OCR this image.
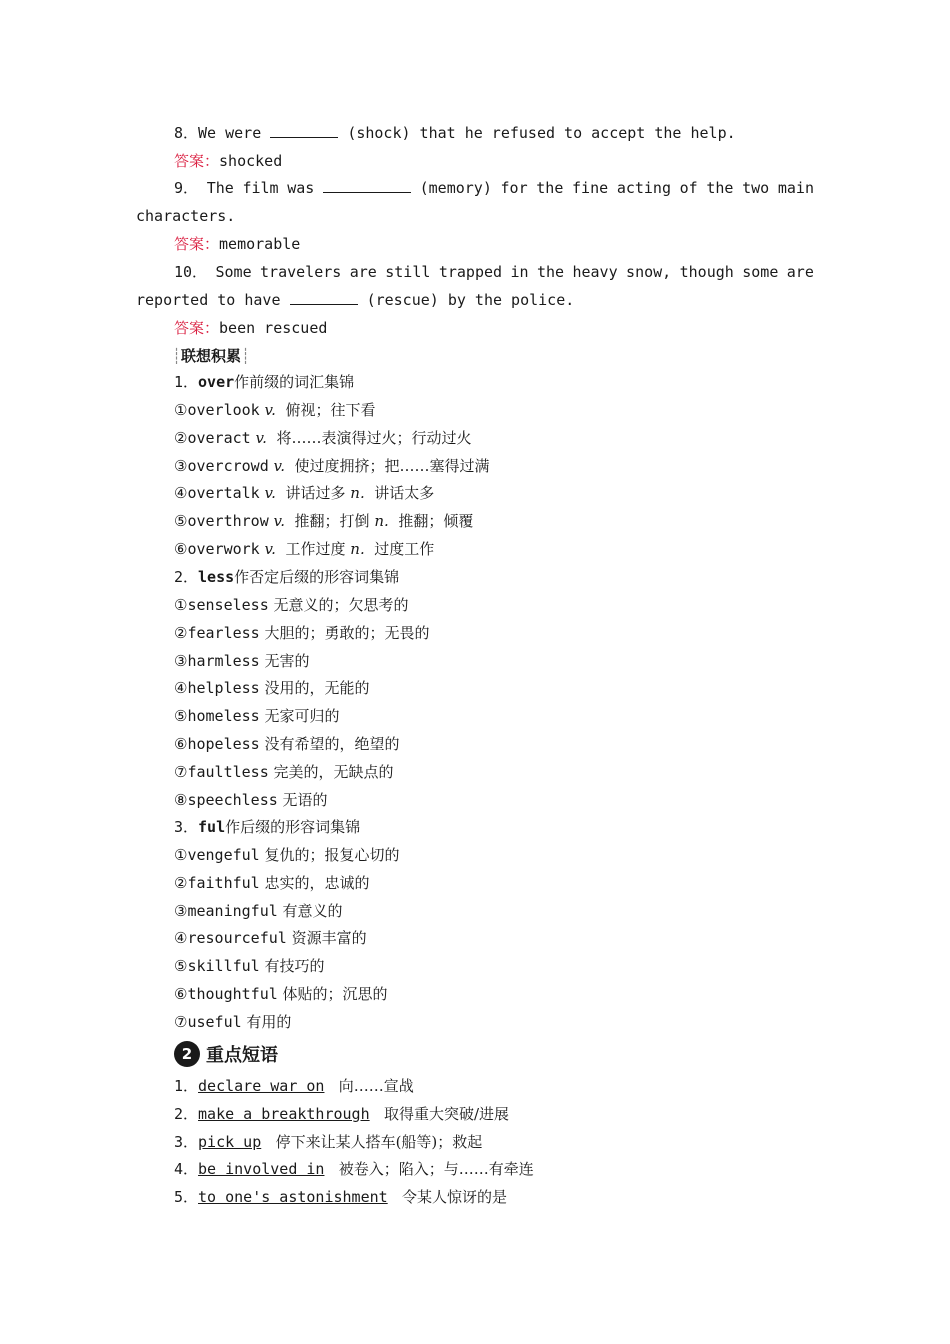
8．We were	(shock) that he refused to accept the help.
答案：shocked
9． The film was	(memory) for the fine acting of the two main
characters.
答案：memorable
10． Some travelers are still trapped in the heavy snow, though some are
reported to have	(rescue) by the police.
答案：been rescued
┊联想积累┊
1．over作前缀的词汇集锦
①overlook v. 俯视；往下看
②overact v. 将……表演得过火；行动过火
③overcrowd v. 使过度拥挤；把……塞得过满
④overtalk v. 讲话过多 n. 讲话太多
⑤overthrow v. 推翻；打倒 n. 推翻；倾覆
⑥overwork v. 工作过度 n. 过度工作
2．less作否定后缀的形容词集锦
①senseless 无意义的；欠思考的
②fearless 大胆的；勇敢的；无畏的
③harmless 无害的
④helpless 没用的，无能的
⑤homeless 无家可归的
⑥hopeless 没有希望的，绝望的
⑦faultless 完美的，无缺点的
⑧speechless 无语的
3．ful作后缀的形容词集锦
①vengeful 复仇的；报复心切的
②faithful 忠实的，忠诚的
③meaningful 有意义的
④resourceful 资源丰富的
⑤skillful 有技巧的
⑥thoughtful 体贴的；沉思的
⑦useful 有用的
2 重点短语
1．declare war on 向……宣战
2．make a breakthrough 取得重大突破/进展
3．pick up 停下来让某人搭车(船等)；救起
4．be involved in 被卷入；陷入；与……有牵连
5．to one's astonishment 令某人惊讶的是
